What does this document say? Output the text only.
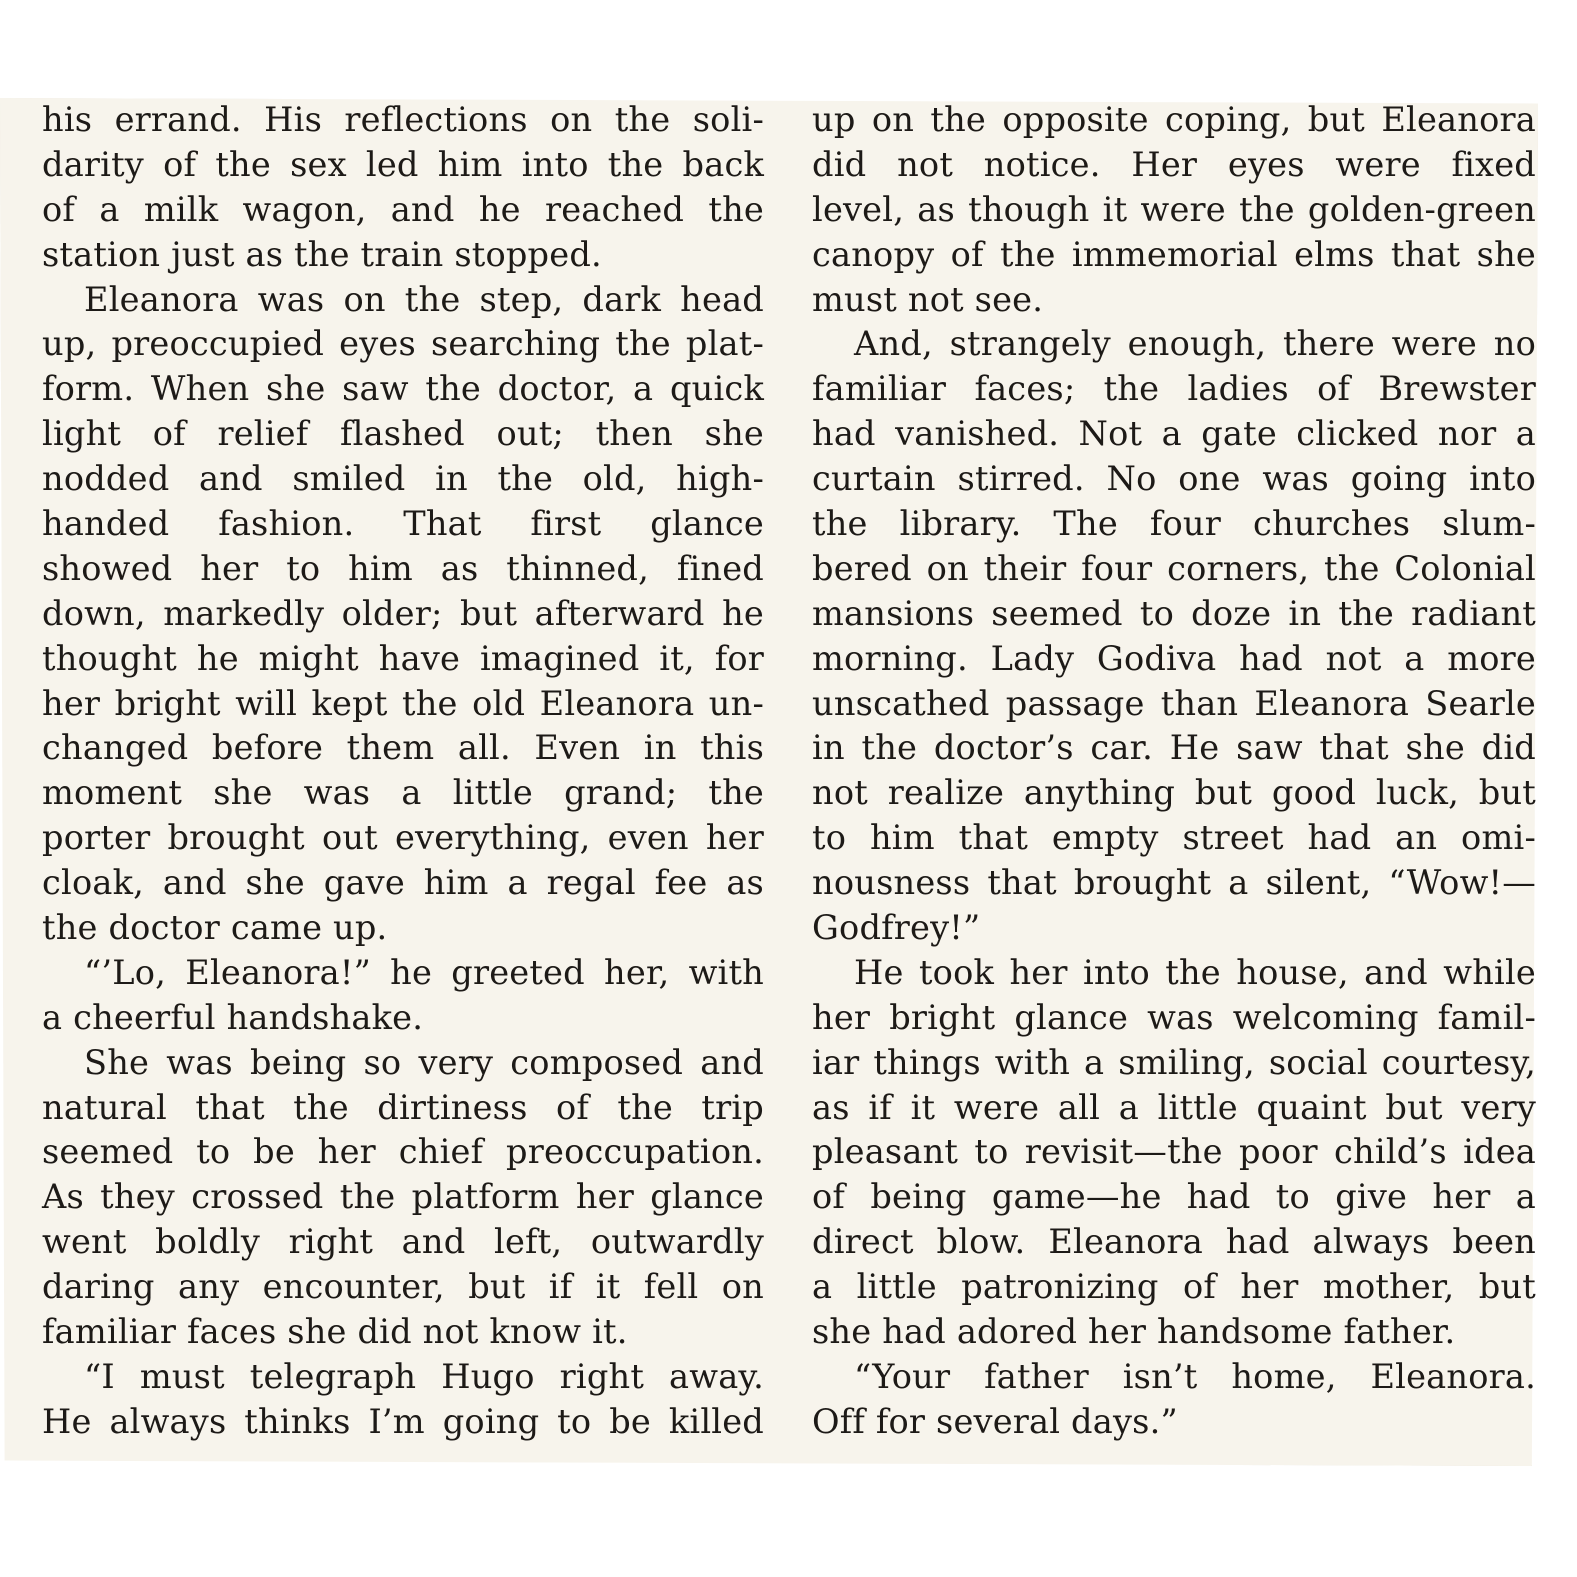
his errand. His reflections on the soli-
darity of the sex led him into the back
of a milk wagon, and he reached the
station just as the train stopped.
Eleanora was on the step, dark head
up, preoccupied eyes searching the plat-
form. When she saw the doctor, a quick
light of relief flashed out; then she
nodded and smiled in the old, high-
handed fashion. That first glance
showed her to him as thinned, fined
down, markedly older; but afterward he
thought he might have imagined it, for
her bright will kept the old Eleanora un-
changed before them all. Even in this
moment she was a little grand; the
porter brought out everything, even her
cloak, and she gave him a regal fee as
the doctor came up.
“’Lo, Eleanora!” he greeted her, with
a cheerful handshake.
She was being so very composed and
natural that the dirtiness of the trip
seemed to be her chief preoccupation.
As they crossed the platform her glance
went boldly right and left, outwardly
daring any encounter, but if it fell on
familiar faces she did not know it.
“I must telegraph Hugo right away.
He always thinks I’m going to be killed
up on the opposite coping, but Eleanora
did not notice. Her eyes were fixed
level, as though it were the golden-green
canopy of the immemorial elms that she
must not see.
And, strangely enough, there were no
familiar faces; the ladies of Brewster
had vanished. Not a gate clicked nor a
curtain stirred. No one was going into
the library. The four churches slum-
bered on their four corners, the Colonial
mansions seemed to doze in the radiant
morning. Lady Godiva had not a more
unscathed passage than Eleanora Searle
in the doctor’s car. He saw that she did
not realize anything but good luck, but
to him that empty street had an omi-
nousness that brought a silent, “Wow!—
Godfrey!”
He took her into the house, and while
her bright glance was welcoming famil-
iar things with a smiling, social courtesy,
as if it were all a little quaint but very
pleasant to revisit—the poor child’s idea
of being game—he had to give her a
direct blow. Eleanora had always been
a little patronizing of her mother, but
she had adored her handsome father.
“Your father isn’t home, Eleanora.
Off for several days.”
